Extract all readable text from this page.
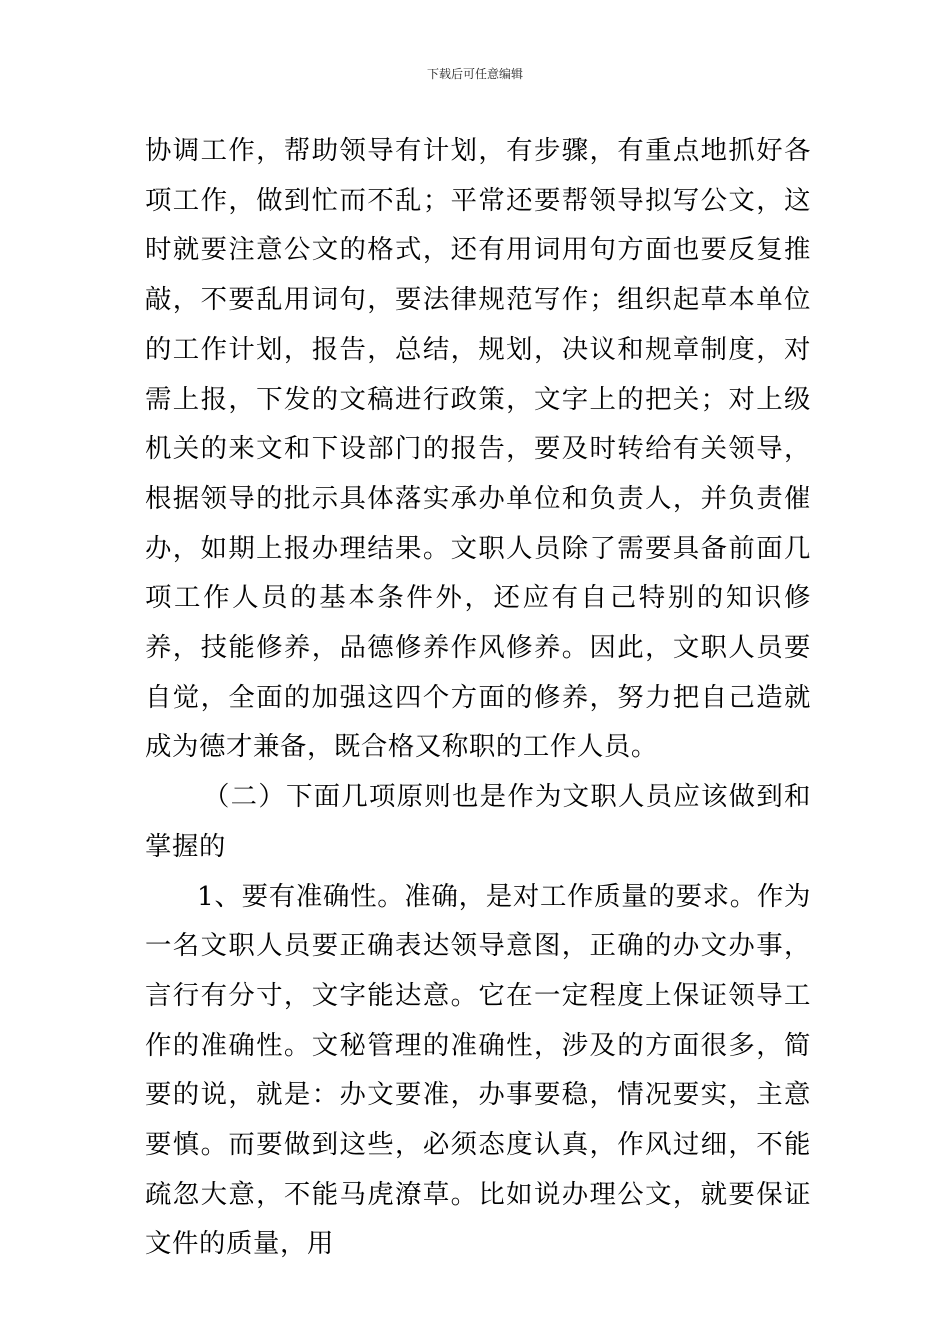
下载后可任意编辑

协调工作，帮助领导有计划，有步骤，有重点地抓好各项工作，做到忙而不乱；平常还要帮领导拟写公文，这时就要注意公文的格式，还有用词用句方面也要反复推敲，不要乱用词句，要法律规范写作；组织起草本单位的工作计划，报告，总结，规划，决议和规章制度，对需上报，下发的文稿进行政策，文字上的把关；对上级机关的来文和下设部门的报告，要及时转给有关领导，根据领导的批示具体落实承办单位和负责人，并负责催办，如期上报办理结果。文职人员除了需要具备前面几项工作人员的基本条件外，还应有自己特别的知识修养，技能修养，品德修养作风修养。因此，文职人员要自觉，全面的加强这四个方面的修养，努力把自己造就成为德才兼备，既合格又称职的工作人员。

（二）下面几项原则也是作为文职人员应该做到和掌握的

1、要有准确性。准确，是对工作质量的要求。作为一名文职人员要正确表达领导意图，正确的办文办事，言行有分寸，文字能达意。它在一定程度上保证领导工作的准确性。文秘管理的准确性，涉及的方面很多，简要的说，就是：办文要准，办事要稳，情况要实，主意要慎。而要做到这些，必须态度认真，作风过细，不能疏忽大意，不能马虎潦草。比如说办理公文，就要保证文件的质量，用
